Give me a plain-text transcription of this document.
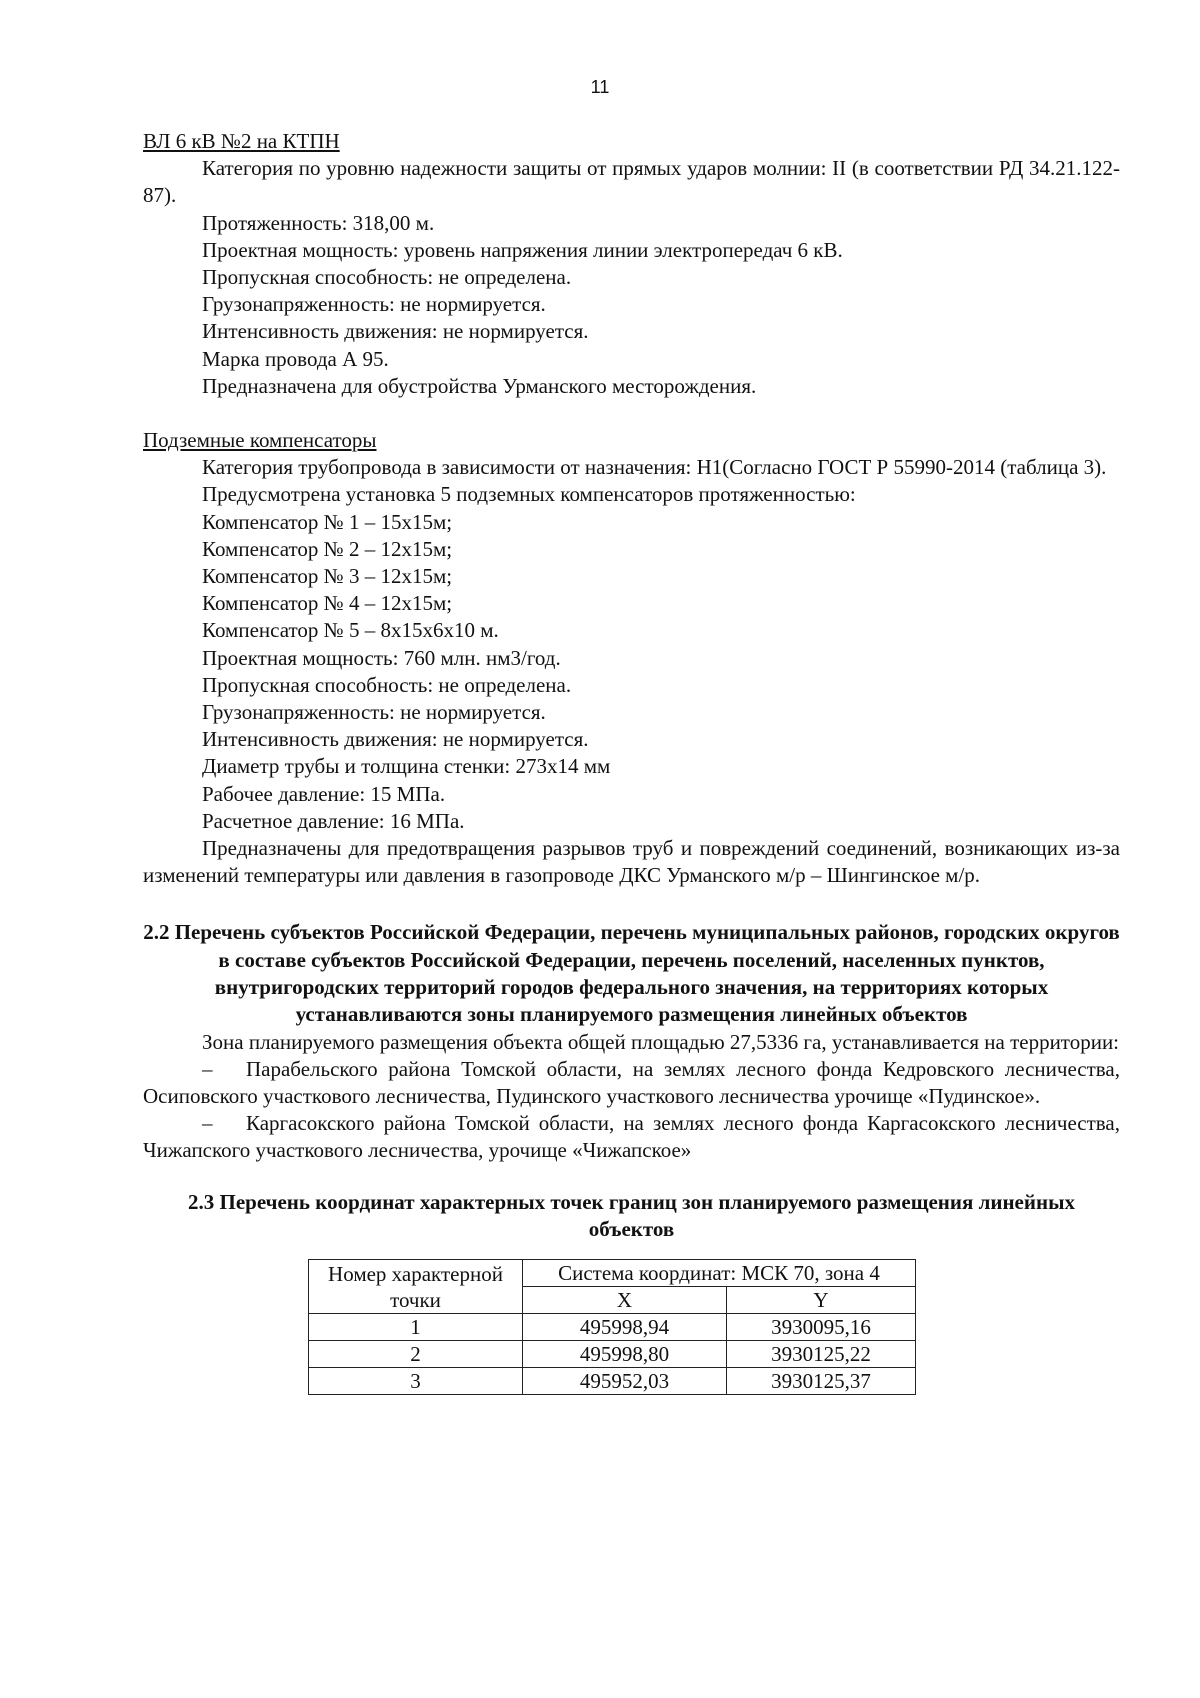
11

ВЛ 6 кВ №2 на КТПН

Категория по уровню надежности защиты от прямых ударов молнии: II (в соответствии РД 34.21.122-87).

Протяженность: 318,00 м.

Проектная мощность: уровень напряжения линии электропередач 6 кВ.

Пропускная способность: не определена.

Грузонапряженность: не нормируется.

Интенсивность движения: не нормируется.

Марка провода А 95.

Предназначена для обустройства Урманского месторождения.

Подземные компенсаторы

Категория трубопровода в зависимости от назначения: Н1(Согласно ГОСТ Р 55990-2014 (таблица 3).

Предусмотрена установка 5 подземных компенсаторов протяженностью:

Компенсатор № 1 – 15х15м;

Компенсатор № 2 – 12х15м;

Компенсатор № 3 – 12х15м;

Компенсатор № 4 – 12х15м;

Компенсатор № 5 – 8х15х6х10 м.

Проектная мощность: 760 млн. нм3/год.

Пропускная способность: не определена.

Грузонапряженность: не нормируется.

Интенсивность движения: не нормируется.

Диаметр трубы и толщина стенки: 273х14 мм

Рабочее давление: 15 МПа.

Расчетное давление: 16 МПа.

Предназначены для предотвращения разрывов труб и повреждений соединений, возникающих из-за изменений температуры или давления в газопроводе ДКС Урманского м/р – Шингинское м/р.

2.2 Перечень субъектов Российской Федерации, перечень муниципальных районов, городских округов в составе субъектов Российской Федерации, перечень поселений, населенных пунктов, внутригородских территорий городов федерального значения, на территориях которых устанавливаются зоны планируемого размещения линейных объектов

Зона планируемого размещения объекта общей площадью 27,5336 га, устанавливается на территории:

– Парабельского района Томской области, на землях лесного фонда Кедровского лесничества, Осиповского участкового лесничества, Пудинского участкового лесничества урочище «Пудинское».

– Каргасокского района Томской области, на землях лесного фонда Каргасокского лесничества, Чижапского участкового лесничества, урочище «Чижапское»

2.3 Перечень координат характерных точек границ зон планируемого размещения линейных объектов
Номер характерной точки	Система координат: МСК 70, зона 4	
	X	Y
1	495998,94	3930095,16
2	495998,80	3930125,22
3	495952,03	3930125,37
